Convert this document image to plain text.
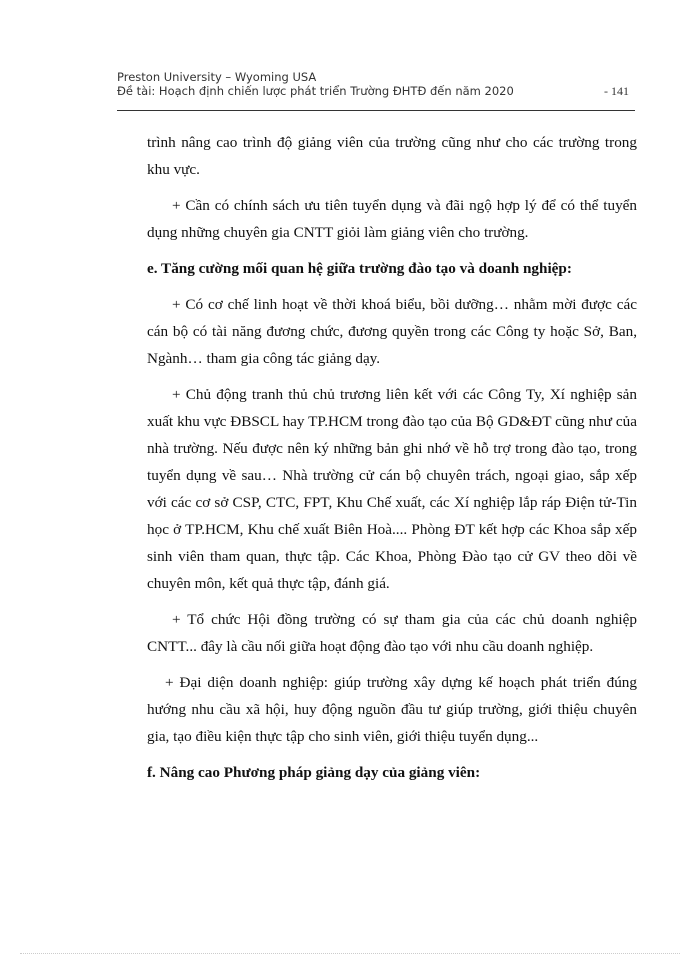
Preston University – Wyoming USA
Đề tài: Hoạch định chiến lược phát triển Trường ĐHTĐ đến năm 2020	- 141

trình nâng cao trình độ giảng viên của trường cũng như cho các trường trong khu vực.

+ Cần có chính sách ưu tiên tuyển dụng và đãi ngộ hợp lý để có thể tuyển dụng những chuyên gia CNTT giỏi làm giảng viên cho trường.

e. Tăng cường mối quan hệ giữa trường đào tạo và doanh nghiệp:

+ Có cơ chế linh hoạt về thời khoá biểu, bồi dưỡng… nhằm mời được các cán bộ có tài năng đương chức, đương quyền trong các Công ty hoặc Sở, Ban, Ngành… tham gia công tác giảng dạy.

+ Chủ động tranh thủ chủ trương liên kết với các Công Ty, Xí nghiệp sản xuất khu vực ĐBSCL hay TP.HCM trong đào tạo của Bộ GD&ĐT cũng như của nhà trường. Nếu được nên ký những bản ghi nhớ về hỗ trợ trong đào tạo, trong tuyển dụng về sau… Nhà trường cử cán bộ chuyên trách, ngoại giao, sắp xếp với các cơ sở CSP, CTC, FPT, Khu Chế xuất, các Xí nghiệp lắp ráp Điện tử-Tin học ở TP.HCM, Khu chế xuất Biên Hoà.... Phòng ĐT kết hợp các Khoa sắp xếp sinh viên tham quan, thực tập. Các Khoa, Phòng Đào tạo cử GV theo dõi về chuyên môn, kết quả thực tập, đánh giá.

+ Tổ chức Hội đồng trường có sự tham gia của các chủ doanh nghiệp CNTT... đây là cầu nối giữa hoạt động đào tạo với nhu cầu doanh nghiệp.

+ Đại diện doanh nghiệp: giúp trường xây dựng kế hoạch phát triển đúng hướng nhu cầu xã hội, huy động nguồn đầu tư giúp trường, giới thiệu chuyên gia, tạo điều kiện thực tập cho sinh viên, giới thiệu tuyển dụng...

f. Nâng cao Phương pháp giảng dạy của giảng viên:
